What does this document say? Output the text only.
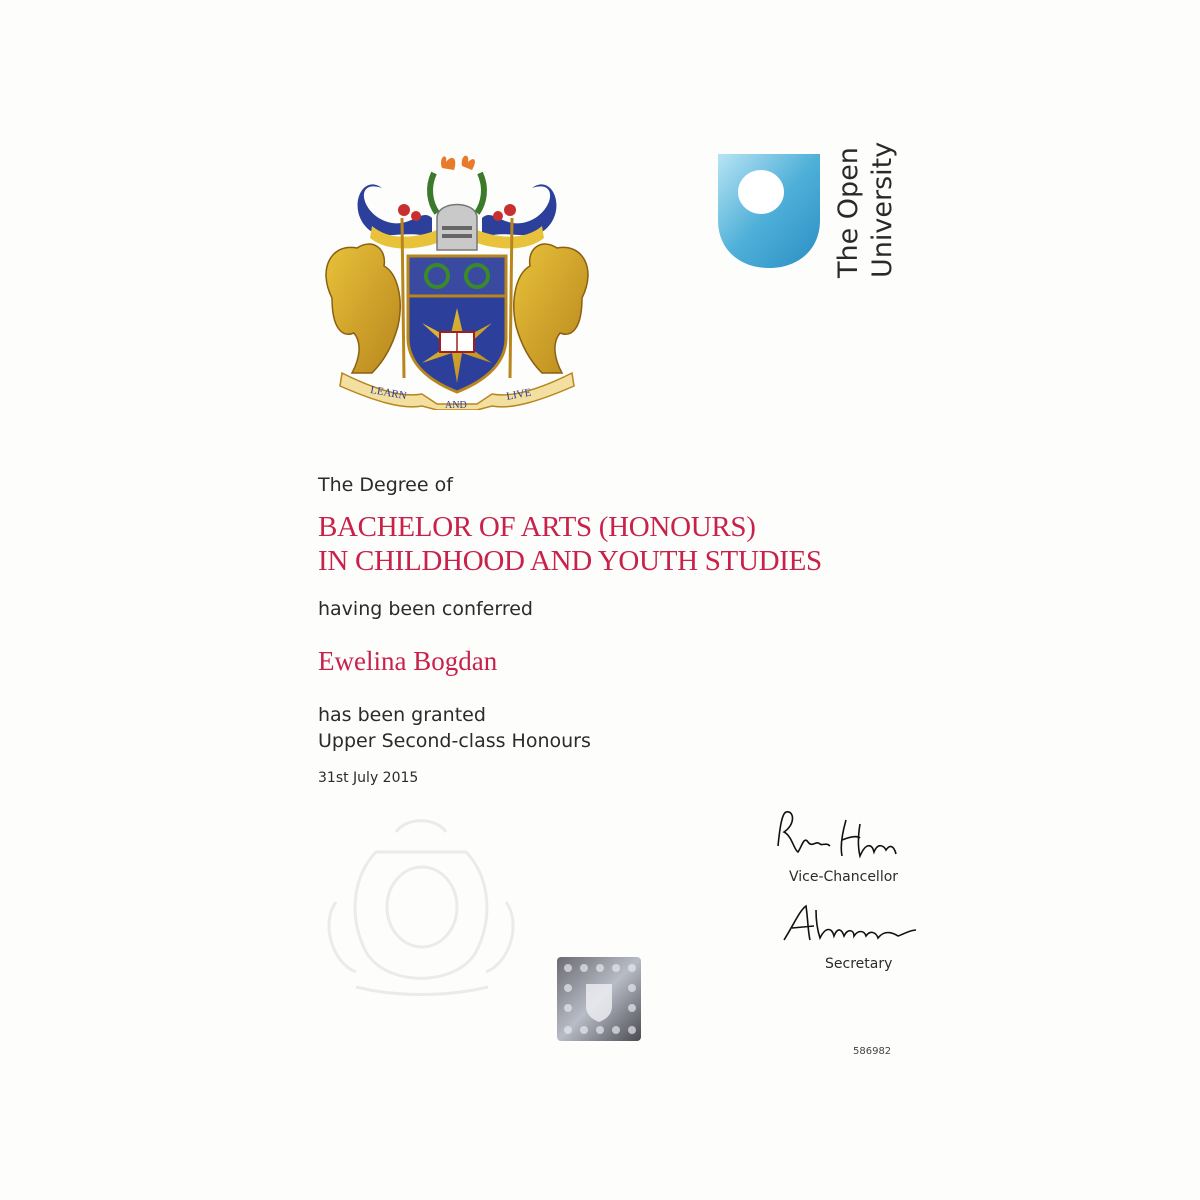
LEARN
AND
LIVE
The Open University
The Degree of
BACHELOR OF ARTS (HONOURS)
IN CHILDHOOD AND YOUTH STUDIES
having been conferred
Ewelina Bogdan
has been granted
Upper Second-class Honours
31st July 2015
Vice-Chancellor
Secretary
586982
